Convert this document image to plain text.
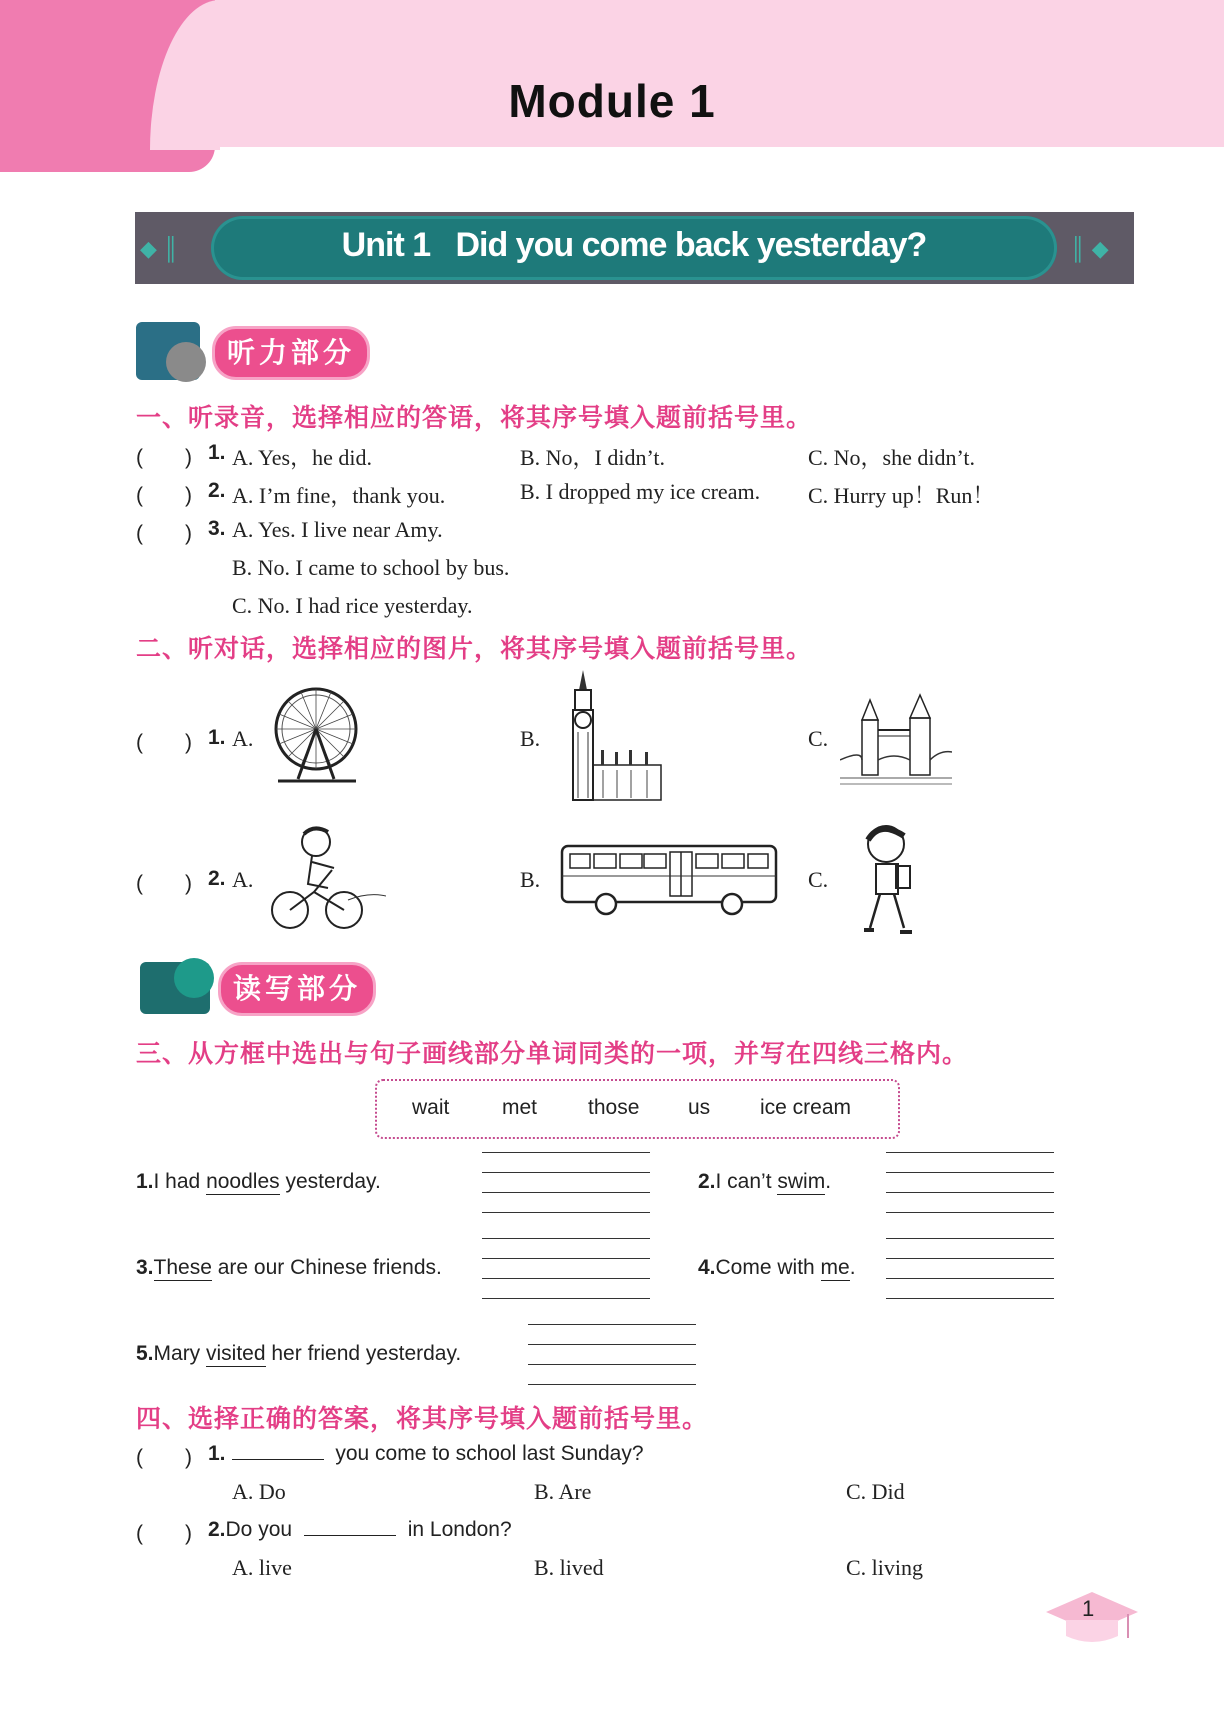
Module 1
◆ ║	║ ◆
Unit 1   Did you come back yesterday?
听力部分
一、听录音，选择相应的答语，将其序号填入题前括号里。
(　　) 1. A. Yes，he did.	B. No，I didn’t.	C. No，she didn’t.
(　　) 2. A. I’m fine，thank you.	B. I dropped my ice cream. C. Hurry up！Run！
(　　) 3. A. Yes. I live near Amy.
B. No. I came to school by bus.
C. No. I had rice yesterday.
二、听对话，选择相应的图片，将其序号填入题前括号里。
(　　) 1. A.	B.	C.
(　　) 2. A.	B.	C.
读写部分
三、从方框中选出与句子画线部分单词同类的一项，并写在四线三格内。
wait	met those us ice cream
1.I had noodles yesterday.	2.I can’t swim.
3.These are our Chinese friends.	4.Come with me.
5.Mary visited her friend yesterday.
四、选择正确的答案，将其序号填入题前括号里。
(　　) 1.	you come to school last Sunday?
A. Do	B. Are	C. Did
(　　) 2.Do you	in London?
A. live	B. lived	C. living
1
